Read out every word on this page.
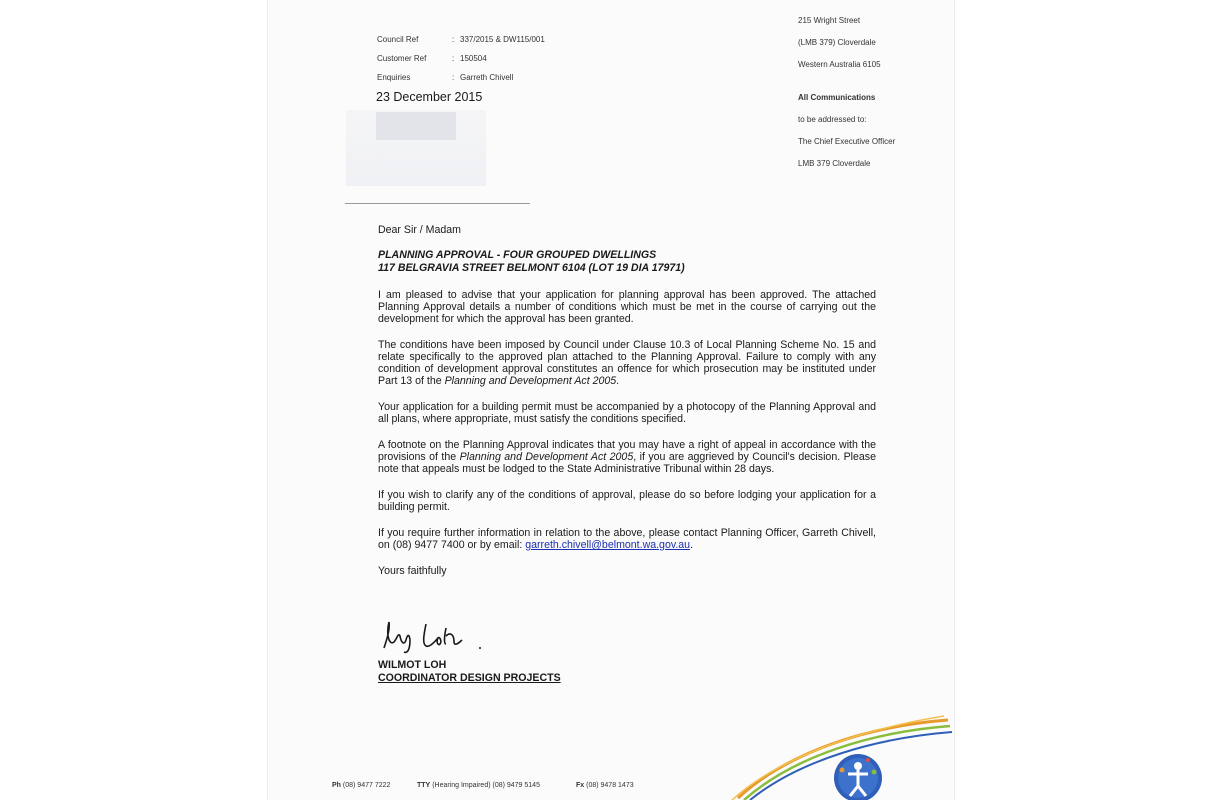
Council Ref	: 337/2015 & DW115/001
Customer Ref	: 150504
Enquiries	: Garreth Chivell
23 December 2015
215 Wright Street
(LMB 379) Cloverdale
Western Australia 6105
All Communications
to be addressed to:
The Chief Executive Officer
LMB 379 Cloverdale

Dear Sir / Madam

PLANNING APPROVAL - FOUR GROUPED DWELLINGS
117 BELGRAVIA STREET BELMONT 6104 (LOT 19 DIA 17971)

I am pleased to advise that your application for planning approval has been approved. The attached Planning Approval details a number of conditions which must be met in the course of carrying out the development for which the approval has been granted.

The conditions have been imposed by Council under Clause 10.3 of Local Planning Scheme No. 15 and relate specifically to the approved plan attached to the Planning Approval. Failure to comply with any condition of development approval constitutes an offence for which prosecution may be instituted under Part 13 of the Planning and Development Act 2005.

Your application for a building permit must be accompanied by a photocopy of the Planning Approval and all plans, where appropriate, must satisfy the conditions specified.

A footnote on the Planning Approval indicates that you may have a right of appeal in accordance with the provisions of the Planning and Development Act 2005, if you are aggrieved by Council's decision. Please note that appeals must be lodged to the State Administrative Tribunal within 28 days.

If you wish to clarify any of the conditions of approval, please do so before lodging your application for a building permit.

If you require further information in relation to the above, please contact Planning Officer, Garreth Chivell, on (08) 9477 7400 or by email: garreth.chivell@belmont.wa.gov.au.

Yours faithfully

WILMOT LOH
COORDINATOR DESIGN PROJECTS
Ph (08) 9477 7222	TTY (Hearing Impaired) (08) 9479 5145	Fx (08) 9478 1473
